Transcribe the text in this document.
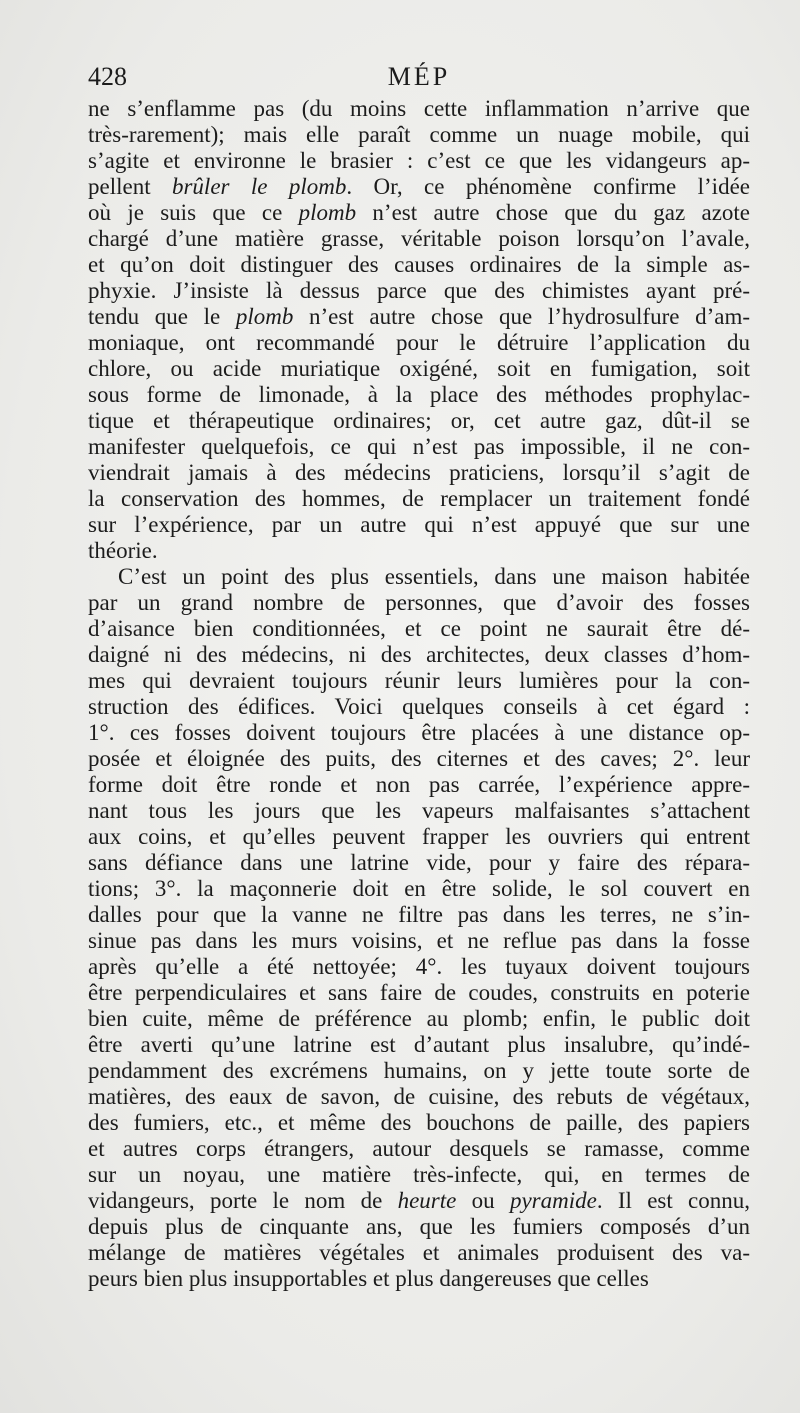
428	MÉP
ne s’enflamme pas (du moins cette inflammation n’arrive que
très-rarement); mais elle paraît comme un nuage mobile, qui
s’agite et environne le brasier : c’est ce que les vidangeurs ap-
pellent brûler le plomb. Or, ce phénomène confirme l’idée
où je suis que ce plomb n’est autre chose que du gaz azote
chargé d’une matière grasse, véritable poison lorsqu’on l’avale,
et qu’on doit distinguer des causes ordinaires de la simple as-
phyxie. J’insiste là dessus parce que des chimistes ayant pré-
tendu que le plomb n’est autre chose que l’hydrosulfure d’am-
moniaque, ont recommandé pour le détruire l’application du
chlore, ou acide muriatique oxigéné, soit en fumigation, soit
sous forme de limonade, à la place des méthodes prophylac-
tique et thérapeutique ordinaires; or, cet autre gaz, dût-il se
manifester quelquefois, ce qui n’est pas impossible, il ne con-
viendrait jamais à des médecins praticiens, lorsqu’il s’agit de
la conservation des hommes, de remplacer un traitement fondé
sur l’expérience, par un autre qui n’est appuyé que sur une
théorie.
C’est un point des plus essentiels, dans une maison habitée
par un grand nombre de personnes, que d’avoir des fosses
d’aisance bien conditionnées, et ce point ne saurait être dé-
daigné ni des médecins, ni des architectes, deux classes d’hom-
mes qui devraient toujours réunir leurs lumières pour la con-
struction des édifices. Voici quelques conseils à cet égard :
1°. ces fosses doivent toujours être placées à une distance op-
posée et éloignée des puits, des citernes et des caves; 2°. leur
forme doit être ronde et non pas carrée, l’expérience appre-
nant tous les jours que les vapeurs malfaisantes s’attachent
aux coins, et qu’elles peuvent frapper les ouvriers qui entrent
sans défiance dans une latrine vide, pour y faire des répara-
tions; 3°. la maçonnerie doit en être solide, le sol couvert en
dalles pour que la vanne ne filtre pas dans les terres, ne s’in-
sinue pas dans les murs voisins, et ne reflue pas dans la fosse
après qu’elle a été nettoyée; 4°. les tuyaux doivent toujours
être perpendiculaires et sans faire de coudes, construits en poterie
bien cuite, même de préférence au plomb; enfin, le public doit
être averti qu’une latrine est d’autant plus insalubre, qu’indé-
pendamment des excrémens humains, on y jette toute sorte de
matières, des eaux de savon, de cuisine, des rebuts de végétaux,
des fumiers, etc., et même des bouchons de paille, des papiers
et autres corps étrangers, autour desquels se ramasse, comme
sur un noyau, une matière très-infecte, qui, en termes de
vidangeurs, porte le nom de heurte ou pyramide. Il est connu,
depuis plus de cinquante ans, que les fumiers composés d’un
mélange de matières végétales et animales produisent des va-
peurs bien plus insupportables et plus dangereuses que celles
